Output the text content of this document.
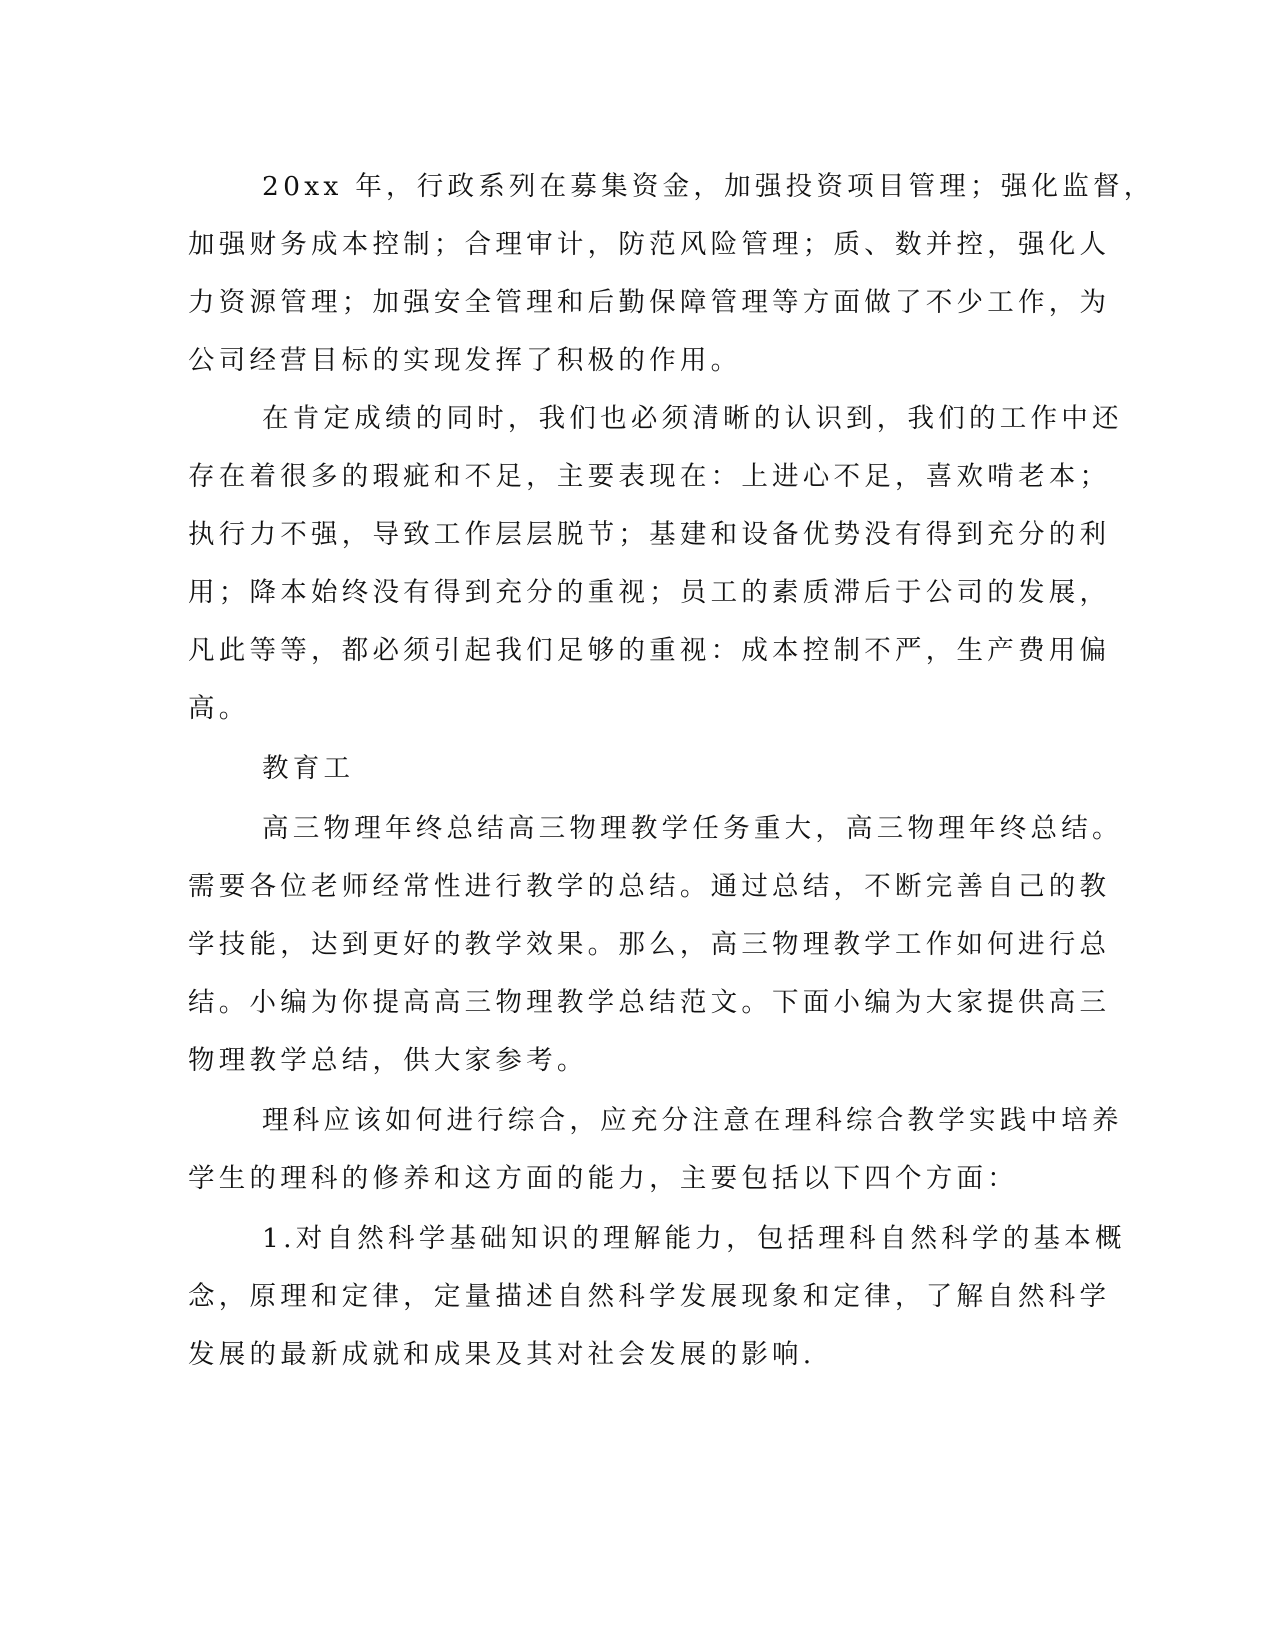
20xx 年，行政系列在募集资金，加强投资项目管理；强化监督，
加强财务成本控制；合理审计，防范风险管理；质、数并控，强化人
力资源管理；加强安全管理和后勤保障管理等方面做了不少工作，为
公司经营目标的实现发挥了积极的作用。
在肯定成绩的同时，我们也必须清晰的认识到，我们的工作中还
存在着很多的瑕疵和不足，主要表现在：上进心不足，喜欢啃老本；
执行力不强，导致工作层层脱节；基建和设备优势没有得到充分的利
用；降本始终没有得到充分的重视；员工的素质滞后于公司的发展，
凡此等等，都必须引起我们足够的重视：成本控制不严，生产费用偏
高。
教育工
高三物理年终总结高三物理教学任务重大，高三物理年终总结。
需要各位老师经常性进行教学的总结。通过总结，不断完善自己的教
学技能，达到更好的教学效果。那么，高三物理教学工作如何进行总
结。小编为你提高高三物理教学总结范文。下面小编为大家提供高三
物理教学总结，供大家参考。
理科应该如何进行综合，应充分注意在理科综合教学实践中培养
学生的理科的修养和这方面的能力，主要包括以下四个方面：
1.对自然科学基础知识的理解能力，包括理科自然科学的基本概
念，原理和定律，定量描述自然科学发展现象和定律，了解自然科学
发展的最新成就和成果及其对社会发展的影响.
